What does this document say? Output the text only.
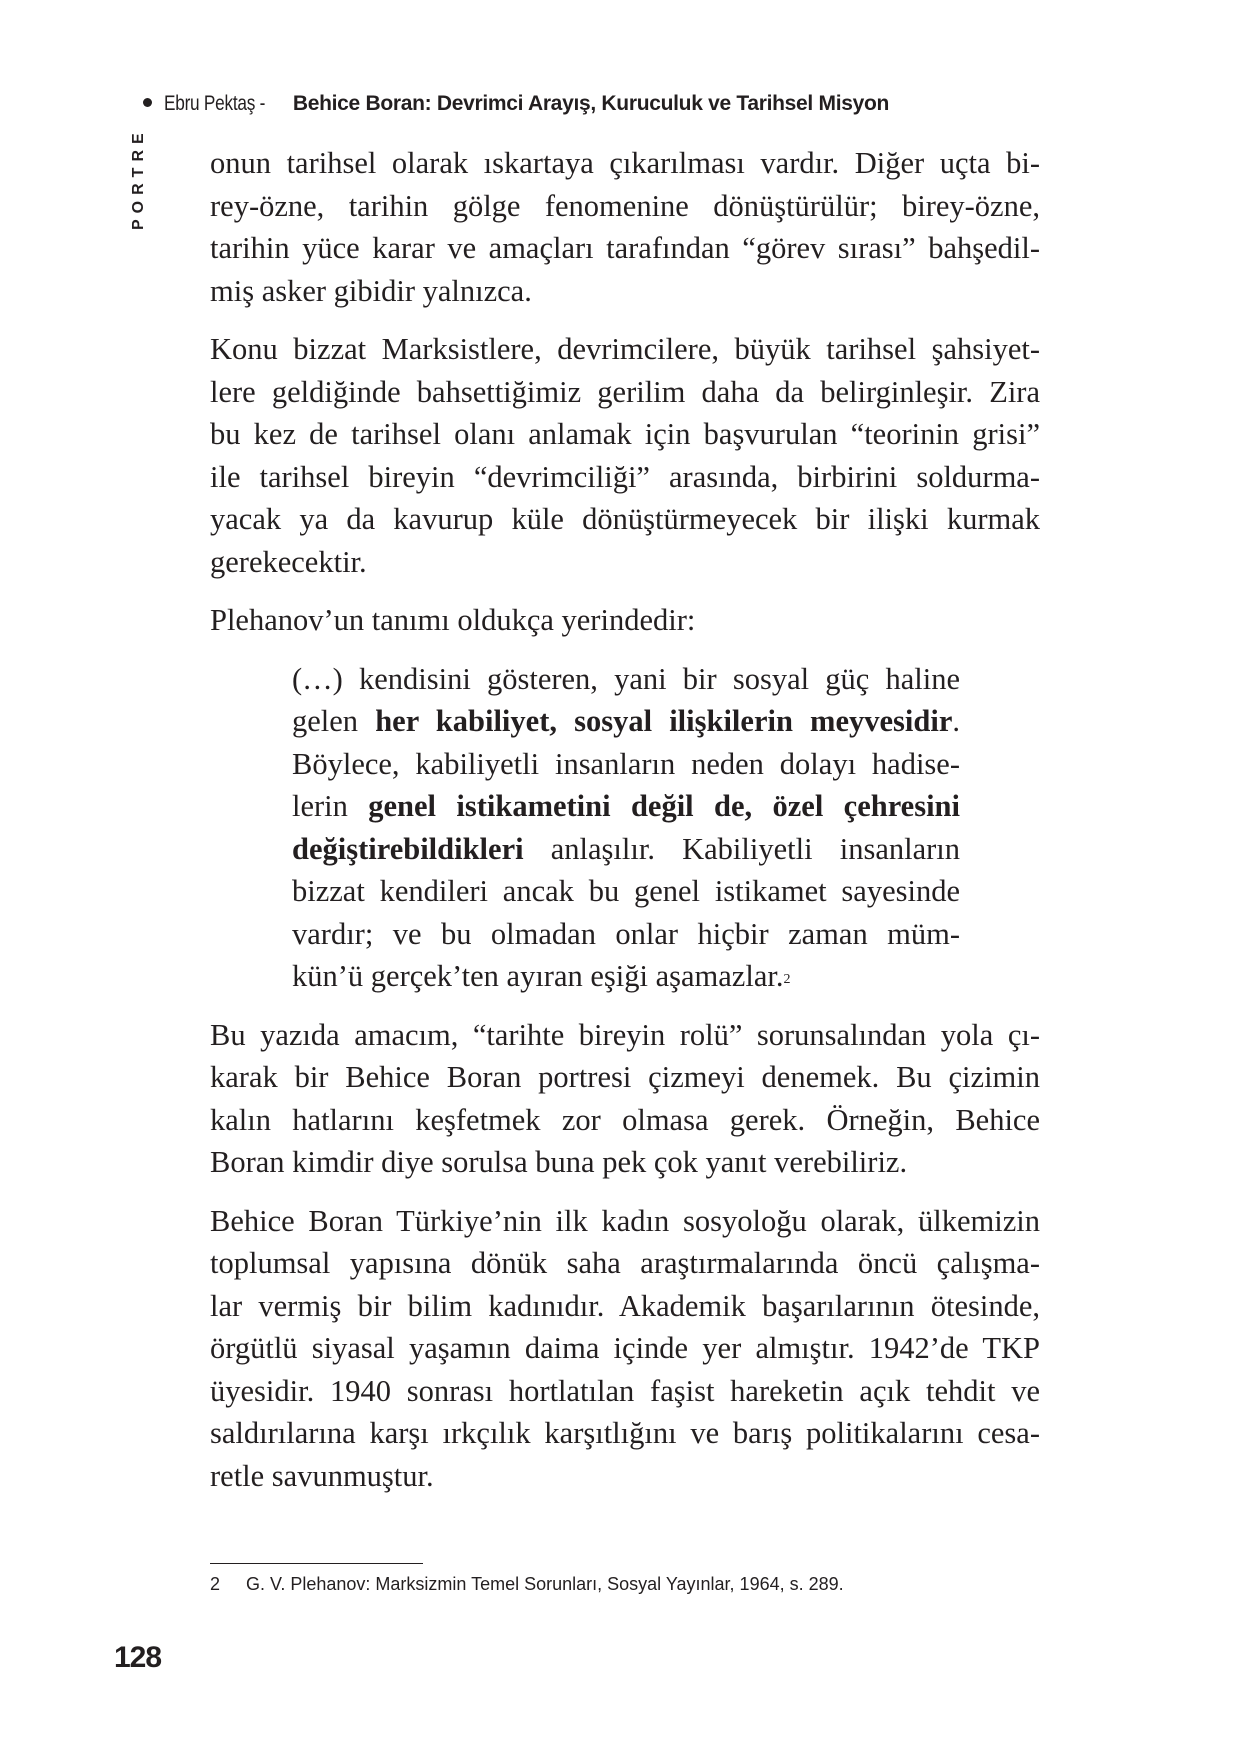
Ebru Pektaş - Behice Boran: Devrimci Arayış, Kuruculuk ve Tarihsel Misyon
PORTRE onun tarihsel olarak ıskartaya çıkarılması vardır. Diğer uçta bi-
rey-özne, tarihin gölge fenomenine dönüştürülür; birey-özne,
tarihin yüce karar ve amaçları tarafından “görev sırası” bahşedil-
miş asker gibidir yalnızca.

Konu bizzat Marksistlere, devrimcilere, büyük tarihsel şahsiyet-
lere geldiğinde bahsettiğimiz gerilim daha da belirginleşir. Zira
bu kez de tarihsel olanı anlamak için başvurulan “teorinin grisi”
ile tarihsel bireyin “devrimciliği” arasında, birbirini soldurma-
yacak ya da kavurup küle dönüştürmeyecek bir ilişki kurmak
gerekecektir.

Plehanov’un tanımı oldukça yerindedir:

(…) kendisini gösteren, yani bir sosyal güç haline
gelen her kabiliyet, sosyal ilişkilerin meyvesidir.
Böylece, kabiliyetli insanların neden dolayı hadise-
lerin genel istikametini değil de, özel çehresini
değiştirebildikleri anlaşılır. Kabiliyetli insanların
bizzat kendileri ancak bu genel istikamet sayesinde
vardır; ve bu olmadan onlar hiçbir zaman müm-
kün’ü gerçek’ten ayıran eşiği aşamazlar.$^2$

Bu yazıda amacım, “tarihte bireyin rolü” sorunsalından yola çı-
karak bir Behice Boran portresi çizmeyi denemek. Bu çizimin
kalın hatlarını keşfetmek zor olmasa gerek. Örneğin, Behice
Boran kimdir diye sorulsa buna pek çok yanıt verebiliriz.

Behice Boran Türkiye’nin ilk kadın sosyoloğu olarak, ülkemizin
toplumsal yapısına dönük saha araştırmalarında öncü çalışma-
lar vermiş bir bilim kadınıdır. Akademik başarılarının ötesinde,
örgütlü siyasal yaşamın daima içinde yer almıştır. 1942’de TKP
üyesidir. 1940 sonrası hortlatılan faşist hareketin açık tehdit ve
saldırılarına karşı ırkçılık karşıtlığını ve barış politikalarını cesa-
retle savunmuştur.

2 G. V. Plehanov: Marksizmin Temel Sorunları, Sosyal Yayınlar, 1964, s. 289.
128
